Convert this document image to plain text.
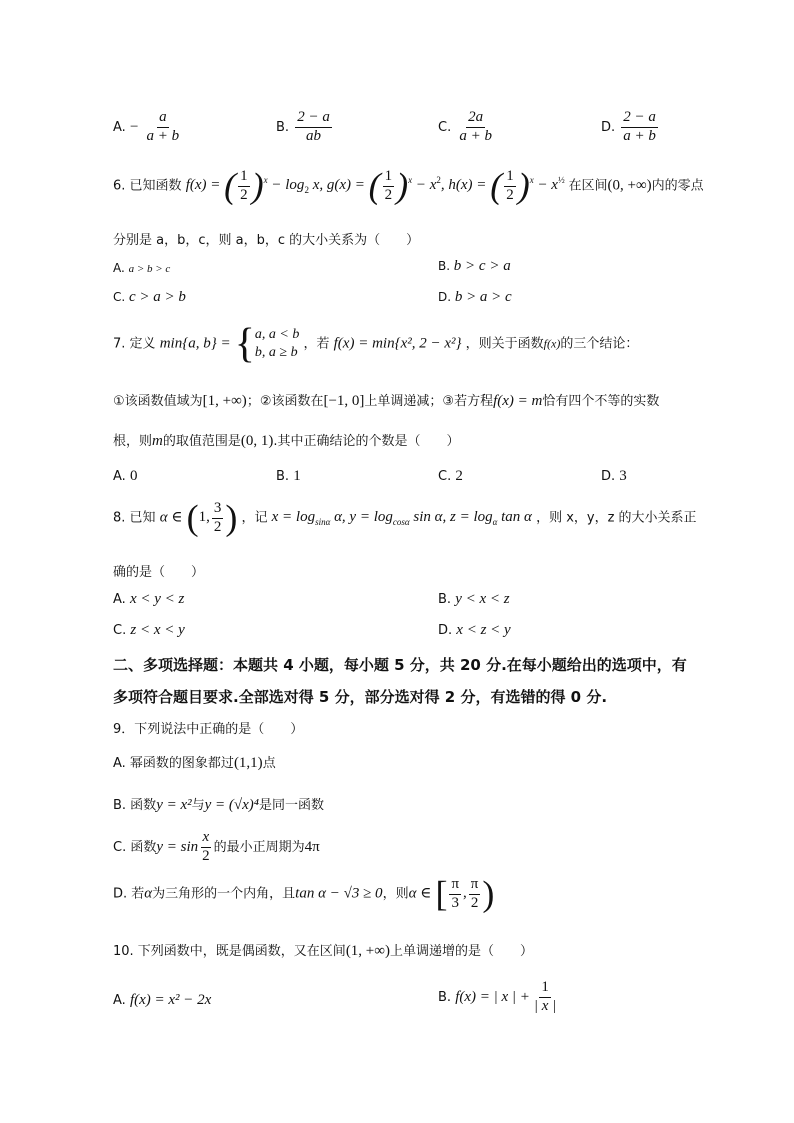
A. − $\frac{a}{a + b}$	B. $\frac{2 - a}{ab}$	C. $\frac{2a}{a + b}$	D. $\frac{2 - a}{a + b}$
6. 已知函数 f(x) = ( $\frac{1}{2} )^x - \log_2 x$, g(x) = ( $\frac{1}{2} )^x - x^2$, h(x) = ( $\frac{1}{2} )^x - x^{\frac{1}{2}}$ 在区间(0, +∞)内的零点
分别是 a，b，c，则 a，b，c 的大小关系为（　　）
A. a > b > c	B. b > c > a
C. c > a > b	D. b > a > c
7. 定义 min{a, b} = { a, a < b
b, a ≥ b
，若 f(x) = min{x², 2 − x²} ，则关于函数f(x)的三个结论：
①该函数值域为[1, +∞)；②该函数在[−1, 0]上单调递减；③若方程f(x) = m恰有四个不等的实数
根，则m的取值范围是(0, 1).其中正确结论的个数是（　　）
A. 0	B. 1	C. 2	D. 3
8. 已知 α ∈ (1, $\frac{3}{2}$ ) ，记 $x = \log_{sin\alpha} \alpha$, $y = \log_{cos\alpha} \sin \alpha$, $z = \log_\alpha \tan \alpha$ ，则 x，y，z 的大小关系正
确的是（　　）
A. x < y < z	B. y < x < z
C. z < x < y	D. x < z < y
二、多项选择题：本题共 4 小题，每小题 5 分，共 20 分.在每小题给出的选项中，有
多项符合题目要求.全部选对得 5 分，部分选对得 2 分，有选错的得 0 分.
9．下列说法中正确的是（　　）
A. 幂函数的图象都过(1,1)点
B. 函数y = x²与y = (√x)⁴是同一函数
C. 函数$y = \sin \frac{x}{2}$ 的最小正周期为4π
D. 若α为三角形的一个内角，且tan α − √3 ≥ 0，则α ∈ [ $\frac{\pi}{3}$ , $\frac{\pi}{2}$ )
10. 下列函数中，既是偶函数，又在区间(1, +∞)上单调递增的是（　　）
A. f(x) = x² − 2x	B. f(x) = | x | + $\frac{1}{| x |}$
